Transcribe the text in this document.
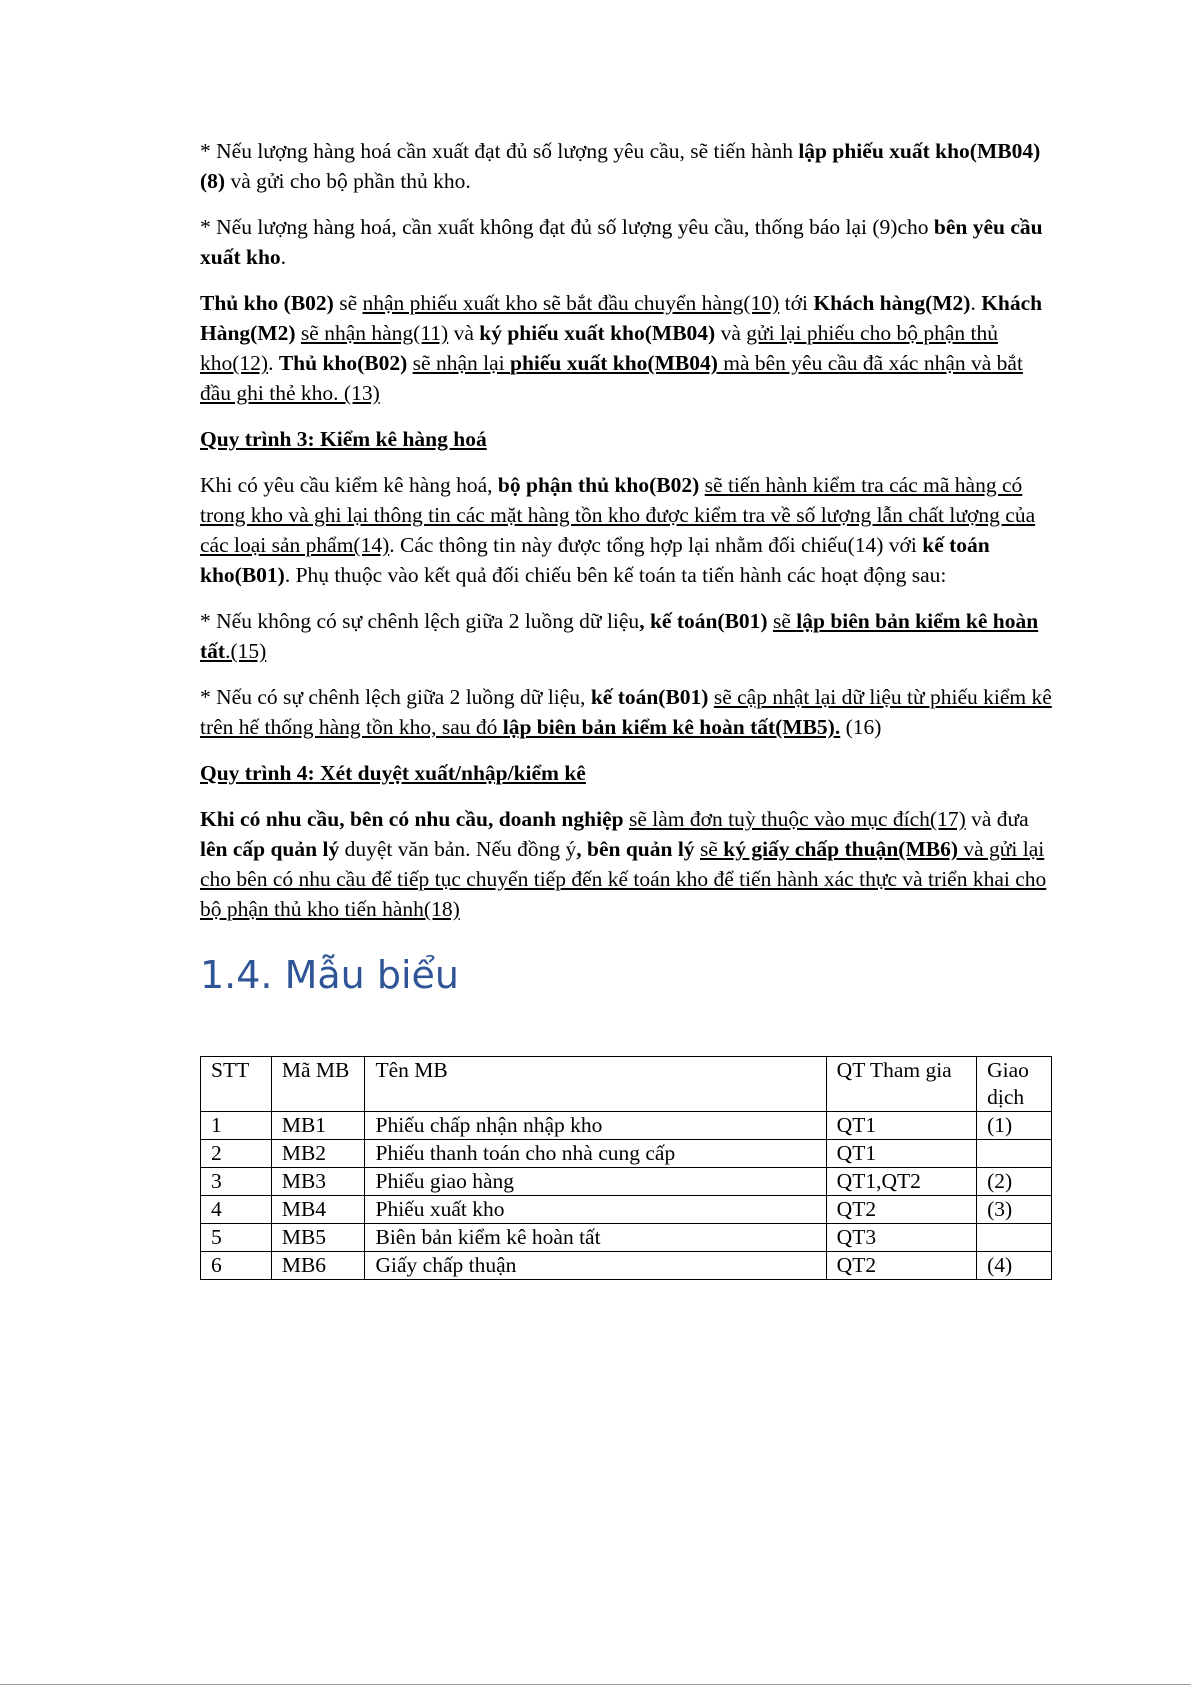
* Nếu lượng hàng hoá cần xuất đạt đủ số lượng yêu cầu, sẽ tiến hành lập phiếu xuất kho(MB04)(8) và gửi cho bộ phần thủ kho.

* Nếu lượng hàng hoá, cần xuất không đạt đủ số lượng yêu cầu, thống báo lại (9)cho bên yêu cầu xuất kho.

Thủ kho (B02) sẽ nhận phiếu xuất kho sẽ bắt đầu chuyển hàng(10) tới Khách hàng(M2). Khách Hàng(M2) sẽ nhận hàng(11) và ký phiếu xuất kho(MB04) và gửi lại phiếu cho bộ phận thủ kho(12). Thủ kho(B02) sẽ nhận lại phiếu xuất kho(MB04) mà bên yêu cầu đã xác nhận và bắt đầu ghi thẻ kho. (13)

Quy trình 3: Kiểm kê hàng hoá

Khi có yêu cầu kiểm kê hàng hoá, bộ phận thủ kho(B02) sẽ tiến hành kiểm tra các mã hàng có trong kho và ghi lại thông tin các mặt hàng tồn kho được kiểm tra về số lượng lẫn chất lượng của các loại sản phẩm(14). Các thông tin này được tổng hợp lại nhằm đối chiếu(14) với kế toán kho(B01). Phụ thuộc vào kết quả đối chiếu bên kế toán ta tiến hành các hoạt động sau:

* Nếu không có sự chênh lệch giữa 2 luồng dữ liệu, kế toán(B01) sẽ lập biên bản kiểm kê hoàn tất.(15)

* Nếu có sự chênh lệch giữa 2 luồng dữ liệu, kế toán(B01) sẽ cập nhật lại dữ liệu từ phiếu kiểm kê trên hế thống hàng tồn kho, sau đó lập biên bản kiểm kê hoàn tất(MB5). (16)

Quy trình 4: Xét duyệt xuất/nhập/kiểm kê

Khi có nhu cầu, bên có nhu cầu, doanh nghiệp sẽ làm đơn tuỳ thuộc vào mục đích(17) và đưa lên cấp quản lý duyệt văn bản. Nếu đồng ý, bên quản lý sẽ ký giấy chấp thuận(MB6) và gửi lại cho bên có nhu cầu để tiếp tục chuyển tiếp đến kế toán kho để tiến hành xác thực và triển khai cho bộ phận thủ kho tiến hành(18)

1.4. Mẫu biểu
STT	Mã MB	Tên MB	QT Tham gia	Giao dịch
1	MB1	Phiếu chấp nhận nhập kho	QT1	(1)
2	MB2	Phiếu thanh toán cho nhà cung cấp	QT1	
3	MB3	Phiếu giao hàng	QT1,QT2	(2)
4	MB4	Phiếu xuất kho	QT2	(3)
5	MB5	Biên bản kiểm kê hoàn tất	QT3	
6	MB6	Giấy chấp thuận	QT2	(4)
